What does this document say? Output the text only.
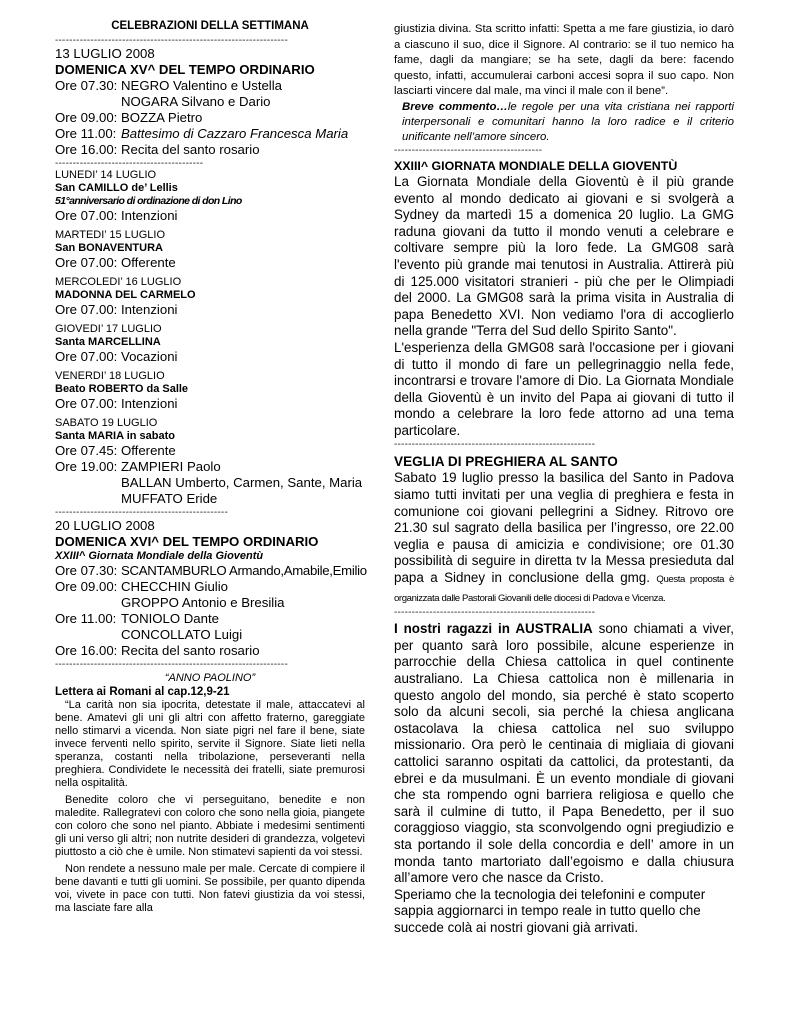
CELEBRAZIONI DELLA SETTIMANA
------------------------------------------------------------------
13 LUGLIO 2008
DOMENICA XV^ DEL TEMPO ORDINARIO
Ore 07.30: NEGRO Valentino e Ustella
NOGARA Silvano e Dario
Ore 09.00: BOZZA Pietro
Ore 11.00: Battesimo di Cazzaro Francesca Maria
Ore 16.00: Recita del santo rosario
------------------------------------------
LUNEDI’ 14 LUGLIO
San CAMILLO de’ Lellis
51°anniversario di ordinazione di don Lino
Ore 07.00: Intenzioni
MARTEDI’ 15 LUGLIO
San BONAVENTURA
Ore 07.00: Offerente
MERCOLEDI’ 16 LUGLIO
MADONNA DEL CARMELO
Ore 07.00: Intenzioni
GIOVEDI’ 17 LUGLIO
Santa MARCELLINA
Ore 07.00: Vocazioni
VENERDI’ 18 LUGLIO
Beato ROBERTO da Salle
Ore 07.00: Intenzioni
SABATO 19 LUGLIO
Santa MARIA in sabato
Ore 07.45: Offerente
Ore 19.00: ZAMPIERI Paolo
BALLAN Umberto, Carmen, Sante, Maria
MUFFATO Eride
-------------------------------------------------
20 LUGLIO 2008
DOMENICA XVI^ DEL TEMPO ORDINARIO
XXIII^ Giornata Mondiale della Gioventù
Ore 07.30: SCANTAMBURLO Armando,Amabile,Emilio
Ore 09.00: CHECCHIN Giulio
GROPPO Antonio e Bresilia
Ore 11.00: TONIOLO Dante
CONCOLLATO Luigi
Ore 16.00: Recita del santo rosario
------------------------------------------------------------------
“ANNO PAOLINO”
Lettera ai Romani al cap.12,9-21

“La carità non sia ipocrita, detestate il male, attaccatevi al bene. Amatevi gli uni gli altri con affetto fraterno, gareggiate nello stimarvi a vicenda. Non siate pigri nel fare il bene, siate invece ferventi nello spirito, servite il Signore. Siate lieti nella speranza, costanti nella tribolazione, perseveranti nella preghiera. Condividete le necessità dei fratelli, siate premurosi nella ospitalità.

Benedite coloro che vi perseguitano, benedite e non maledite. Rallegratevi con coloro che sono nella gioia, piangete con coloro che sono nel pianto. Abbiate i medesimi sentimenti gli uni verso gli altri; non nutrite desideri di grandezza, volgetevi piuttosto a ciò che è umile. Non stimatevi sapienti da voi stessi.

Non rendete a nessuno male per male. Cercate di compiere il bene davanti e tutti gli uomini. Se possibile, per quanto dipenda voi, vivete in pace con tutti. Non fatevi giustizia da voi stessi, ma lasciate fare alla

giustizia divina. Sta scritto infatti: Spetta a me fare giustizia, io darò a ciascuno il suo, dice il Signore. Al contrario: se il tuo nemico ha fame, dagli da mangiare; se ha sete, dagli da bere: facendo questo, infatti, accumulerai carboni accesi sopra il suo capo. Non lasciarti vincere dal male, ma vinci il male con il bene”.

Breve commento…le regole per una vita cristiana nei rapporti interpersonali e comunitari hanno la loro radice e il criterio unificante nell’amore sincero.

------------------------------------------
XXIII^ GIORNATA MONDIALE DELLA GIOVENTÙ

La Giornata Mondiale della Gioventù è il più grande evento al mondo dedicato ai giovani e si svolgerà a Sydney da martedì 15 a domenica 20 luglio. La GMG raduna giovani da tutto il mondo venuti a celebrare e coltivare sempre più la loro fede. La GMG08 sarà l'evento più grande mai tenutosi in Australia. Attirerà più di 125.000 visitatori stranieri - più che per le Olimpiadi del 2000. La GMG08 sarà la prima visita in Australia di papa Benedetto XVI. Non vediamo l'ora di accoglierlo nella grande "Terra del Sud dello Spirito Santo".

L'esperienza della GMG08 sarà l'occasione per i giovani di tutto il mondo di fare un pellegrinaggio nella fede, incontrarsi e trovare l'amore di Dio. La Giornata Mondiale della Gioventù è un invito del Papa ai giovani di tutto il mondo a celebrare la loro fede attorno ad una tema particolare.

---------------------------------------------------------
VEGLIA DI PREGHIERA AL SANTO

Sabato 19 luglio presso la basilica del Santo in Padova siamo tutti invitati per una veglia di preghiera e festa in comunione coi giovani pellegrini a Sidney. Ritrovo ore 21.30 sul sagrato della basilica per l’ingresso, ore 22.00 veglia e pausa di amicizia e condivisione; ore 01.30 possibilità di seguire in diretta tv la Messa presieduta dal papa a Sidney in conclusione della gmg. Questa proposta è organizzata dalle Pastorali Giovanili delle diocesi di Padova e Vicenza.

---------------------------------------------------------

I nostri ragazzi in AUSTRALIA sono chiamati a viver, per quanto sarà loro possibile, alcune esperienze in parrocchie della Chiesa cattolica in quel continente australiano. La Chiesa cattolica non è millenaria in questo angolo del mondo, sia perché è stato scoperto solo da alcuni secoli, sia perché la chiesa anglicana ostacolava la chiesa cattolica nel suo sviluppo missionario. Ora però le centinaia di migliaia di giovani cattolici saranno ospitati da cattolici, da protestanti, da ebrei e da musulmani. È un evento mondiale di giovani che sta rompendo ogni barriera religiosa e quello che sarà il culmine di tutto, il Papa Benedetto, per il suo coraggioso viaggio, sta sconvolgendo ogni pregiudizio e sta portando il sole della concordia e dell’ amore in un monda tanto martoriato dall’egoismo e dalla chiusura all’amore vero che nasce da Cristo.

Speriamo che la tecnologia dei telefonini e computer sappia aggiornarci in tempo reale in tutto quello che succede colà ai nostri giovani già arrivati.
